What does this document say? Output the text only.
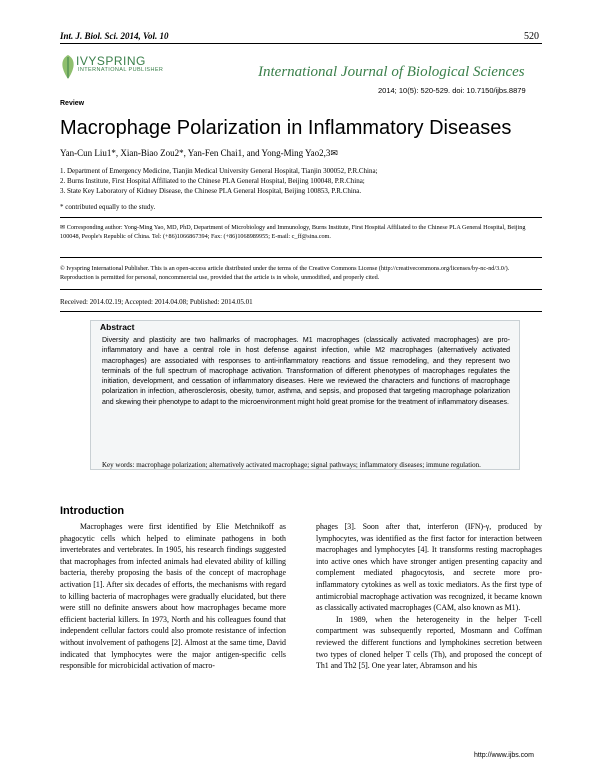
Int. J. Biol. Sci. 2014, Vol. 10	520
IVYSPRING
INTERNATIONAL PUBLISHER	International Journal of Biological Sciences
2014; 10(5): 520-529. doi: 10.7150/ijbs.8879
Review
Macrophage Polarization in Inflammatory Diseases
Yan-Cun Liu1*, Xian-Biao Zou2*, Yan-Fen Chai1, and Yong-Ming Yao2,3✉
1. Department of Emergency Medicine, Tianjin Medical University General Hospital, Tianjin 300052, P.R.China;
2. Burns Institute, First Hospital Affiliated to the Chinese PLA General Hospital, Beijing 100048, P.R.China;
3. State Key Laboratory of Kidney Disease, the Chinese PLA General Hospital, Beijing 100853, P.R.China.
* contributed equally to the study.
✉ Corresponding author: Yong-Ming Yao, MD, PhD, Department of Microbiology and Immunology, Burns Institute, First Hospital Affiliated to the Chinese PLA General Hospital, Beijing 100048, People's Republic of China. Tel: (+86)1066867394; Fax: (+86)1068989955; E-mail: c_ff@sina.com.
© Ivyspring International Publisher. This is an open-access article distributed under the terms of the Creative Commons License (http://creativecommons.org/licenses/by-nc-nd/3.0/). Reproduction is permitted for personal, noncommercial use, provided that the article is in whole, unmodified, and properly cited.
Received: 2014.02.19; Accepted: 2014.04.08; Published: 2014.05.01
Abstract
Diversity and plasticity are two hallmarks of macrophages. M1 macrophages (classically activated macrophages) are pro-inflammatory and have a central role in host defense against infection, while M2 macrophages (alternatively activated macrophages) are associated with responses to anti-inflammatory reactions and tissue remodeling, and they represent two terminals of the full spectrum of macrophage activation. Transformation of different phenotypes of macrophages regulates the initiation, development, and cessation of inflammatory diseases. Here we reviewed the characters and functions of macrophage polarization in infection, atherosclerosis, obesity, tumor, asthma, and sepsis, and proposed that targeting macrophage polarization and skewing their phenotype to adapt to the microenvironment might hold great promise for the treatment of inflammatory diseases.
Key words: macrophage polarization; alternatively activated macrophage; signal pathways; inflammatory diseases; immune regulation.
Introduction

Macrophages were first identified by Elie Metchnikoff as phagocytic cells which helped to eliminate pathogens in both invertebrates and vertebrates. In 1905, his research findings suggested that macrophages from infected animals had elevated ability of killing bacteria, thereby proposing the basis of the concept of macrophage activation [1]. After six decades of efforts, the mechanisms with regard to killing bacteria of macrophages were gradually elucidated, but there were still no definite answers about how macrophages became more efficient bacterial killers. In 1973, North and his colleagues found that independent cellular factors could also promote resistance of infection without involvement of pathogens [2]. Almost at the same time, David indicated that lymphocytes were the major antigen-specific cells responsible for microbicidal activation of macro-

phages [3]. Soon after that, interferon (IFN)-γ, produced by lymphocytes, was identified as the first factor for interaction between macrophages and lymphocytes [4]. It transforms resting macrophages into active ones which have stronger antigen presenting capacity and complement mediated phagocytosis, and secrete more pro-inflammatory cytokines as well as toxic mediators. As the first type of antimicrobial macrophage activation was recognized, it became known as classically activated macrophages (CAM, also known as M1).

In 1989, when the heterogeneity in the helper T-cell compartment was subsequently reported, Mosmann and Coffman reviewed the different functions and lymphokines secretion between two types of cloned helper T cells (Th), and proposed the concept of Th1 and Th2 [5]. One year later, Abramson and his

http://www.ijbs.com
